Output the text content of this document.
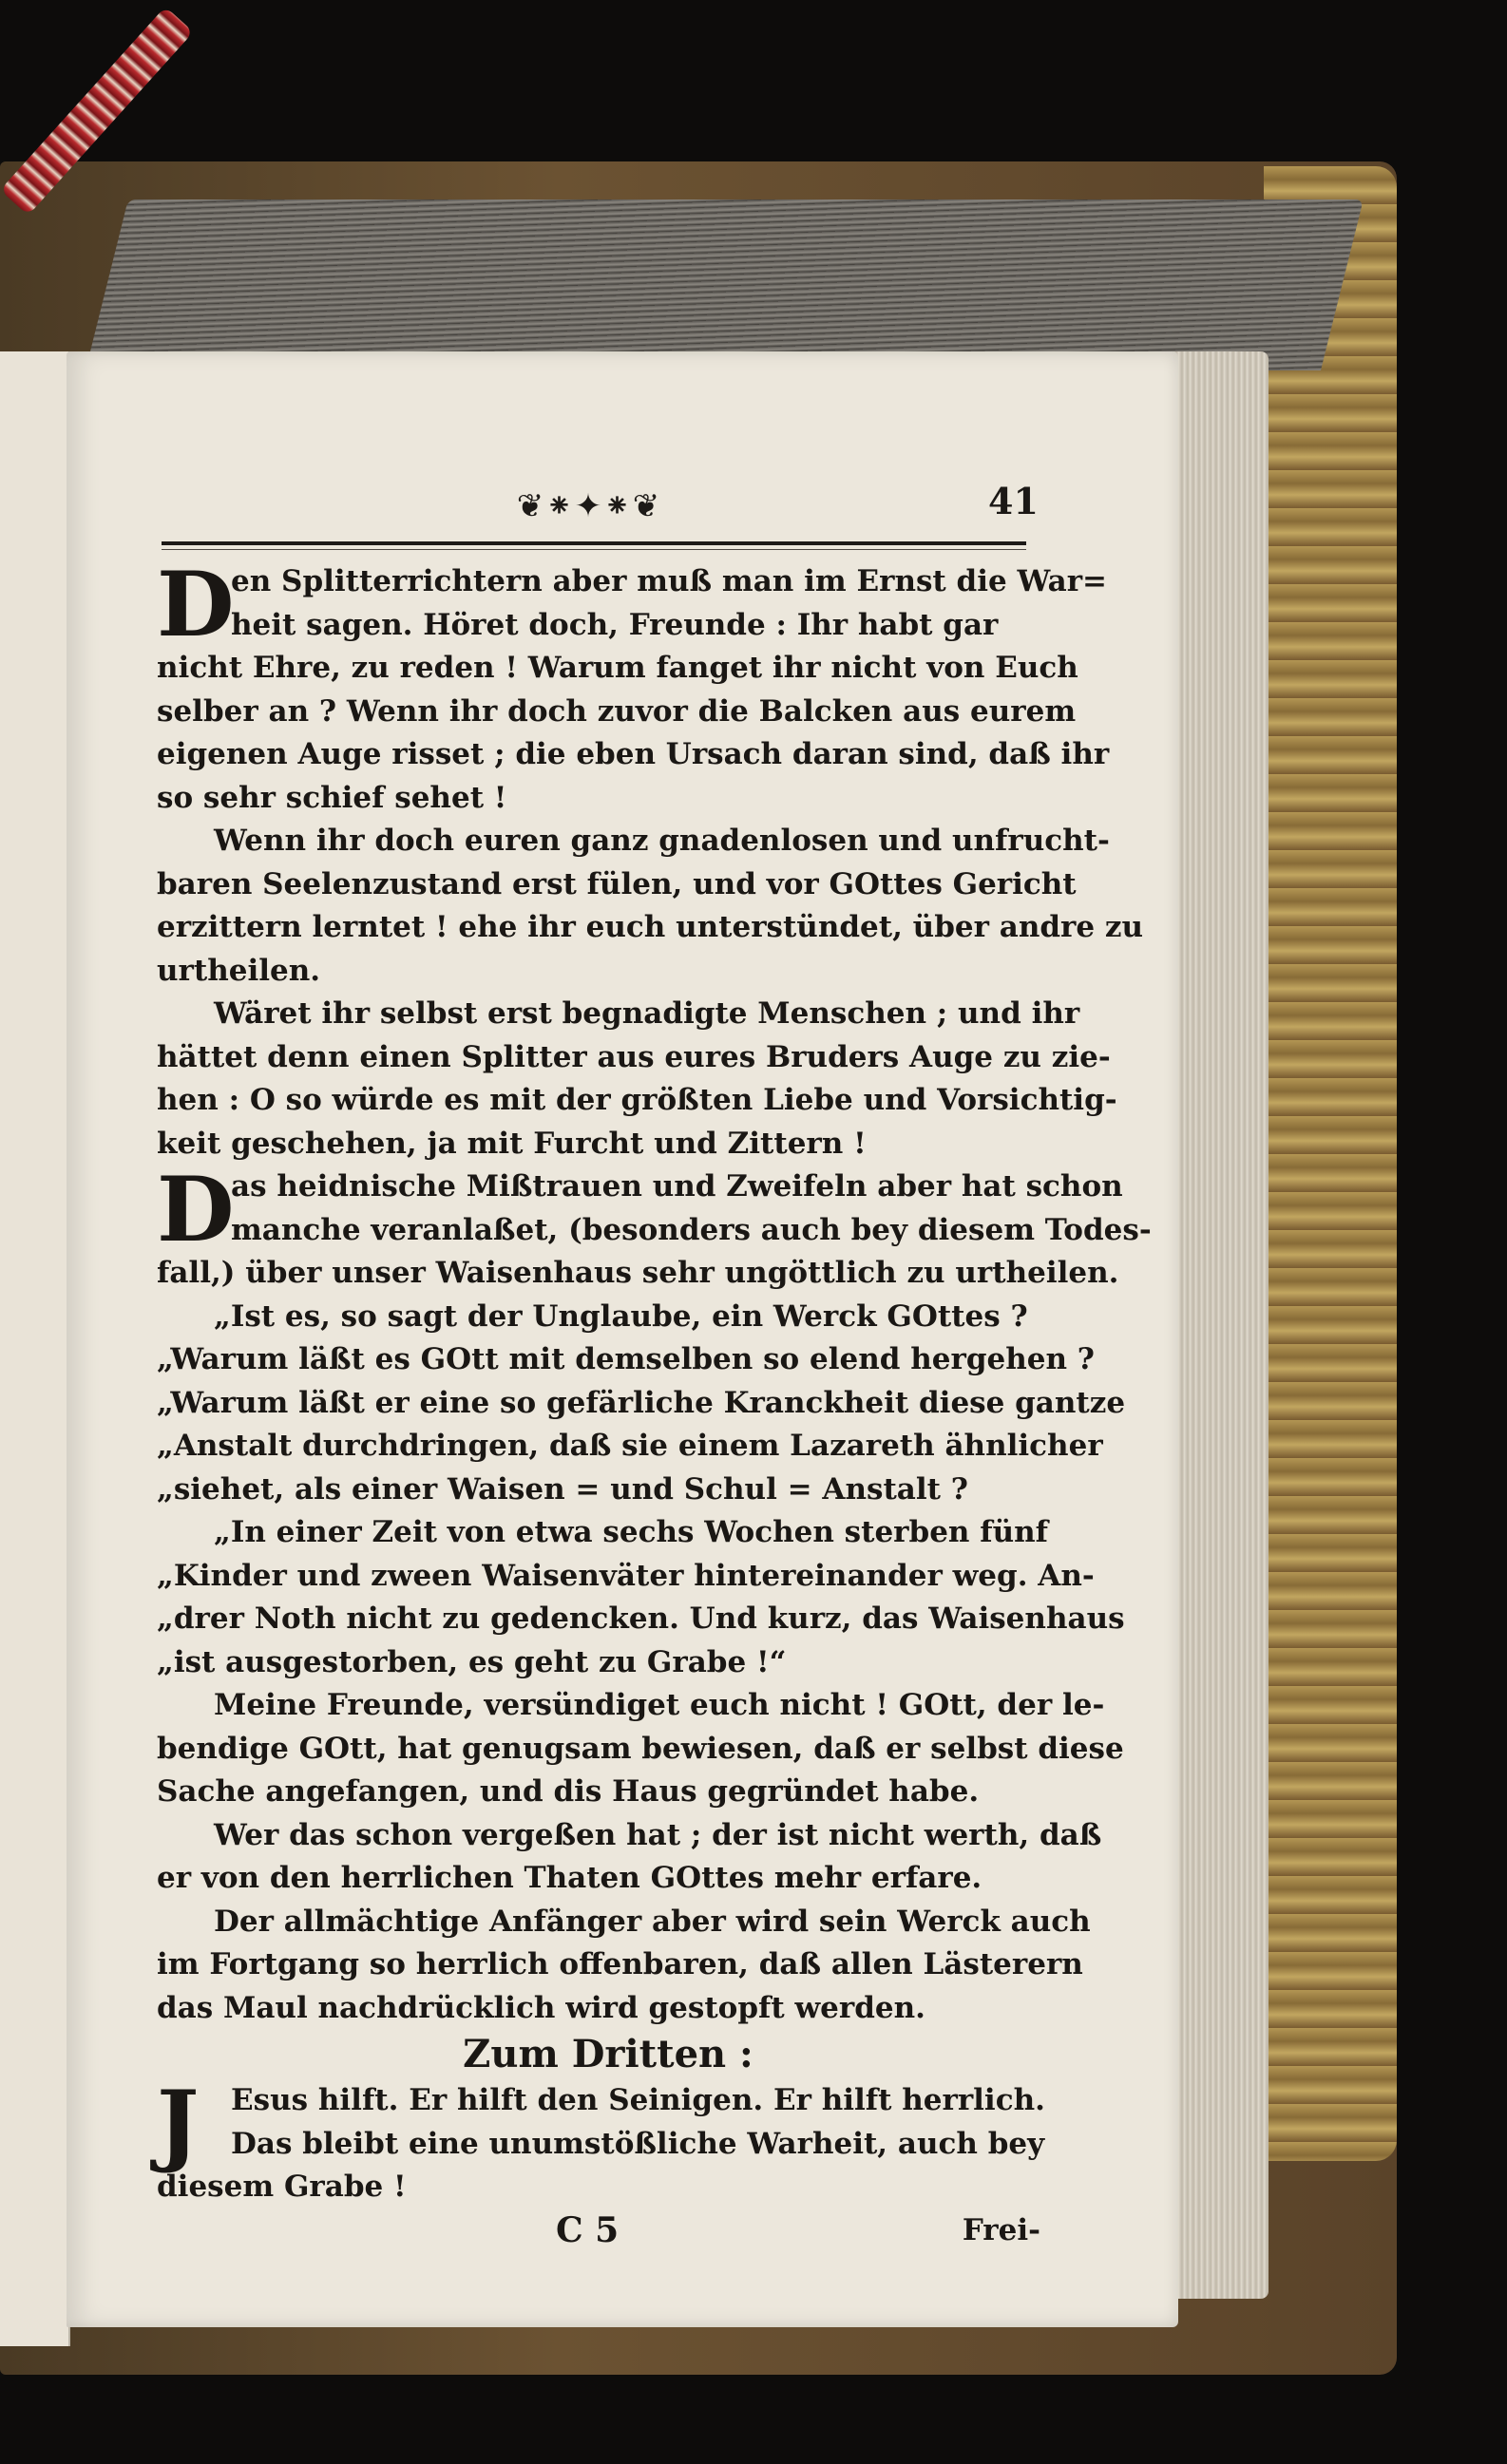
❦⁕✦⁕❦	41
D
en Splitterrichtern aber muß man im Ernst die War=
heit sagen. Höret doch, Freunde : Ihr habt gar
nicht Ehre, zu reden ! Warum fanget ihr nicht von Euch
selber an ? Wenn ihr doch zuvor die Balcken aus eurem
eigenen Auge risset ; die eben Ursach daran sind, daß ihr
so sehr schief sehet !
Wenn ihr doch euren ganz gnadenlosen und unfrucht-
baren Seelenzustand erst fülen, und vor GOttes Gericht
erzittern lerntet ! ehe ihr euch unterstündet, über andre zu
urtheilen.
Wäret ihr selbst erst begnadigte Menschen ; und ihr
hättet denn einen Splitter aus eures Bruders Auge zu zie-
hen : O so würde es mit der größten Liebe und Vorsichtig-
keit geschehen, ja mit Furcht und Zittern !
D
as heidnische Mißtrauen und Zweifeln aber hat schon
manche veranlaßet, (besonders auch bey diesem Todes-
fall,) über unser Waisenhaus sehr ungöttlich zu urtheilen.
„Ist es, so sagt der Unglaube, ein Werck GOttes ?
„Warum läßt es GOtt mit demselben so elend hergehen ?
„Warum läßt er eine so gefärliche Kranckheit diese gantze
„Anstalt durchdringen, daß sie einem Lazareth ähnlicher
„siehet, als einer Waisen = und Schul = Anstalt ?
„In einer Zeit von etwa sechs Wochen sterben fünf
„Kinder und zween Waisenväter hintereinander weg. An-
„drer Noth nicht zu gedencken. Und kurz, das Waisenhaus
„ist ausgestorben, es geht zu Grabe !“
Meine Freunde, versündiget euch nicht ! GOtt, der le-
bendige GOtt, hat genugsam bewiesen, daß er selbst diese
Sache angefangen, und dis Haus gegründet habe.
Wer das schon vergeßen hat ; der ist nicht werth, daß
er von den herrlichen Thaten GOttes mehr erfare.
Der allmächtige Anfänger aber wird sein Werck auch
im Fortgang so herrlich offenbaren, daß allen Lästerern
das Maul nachdrücklich wird gestopft werden.
Zum Dritten :
J	Esus hilft. Er hilft den Seinigen. Er hilft herrlich.
Das bleibt eine unumstößliche Warheit, auch bey
diesem Grabe !
C 5	Frei-
